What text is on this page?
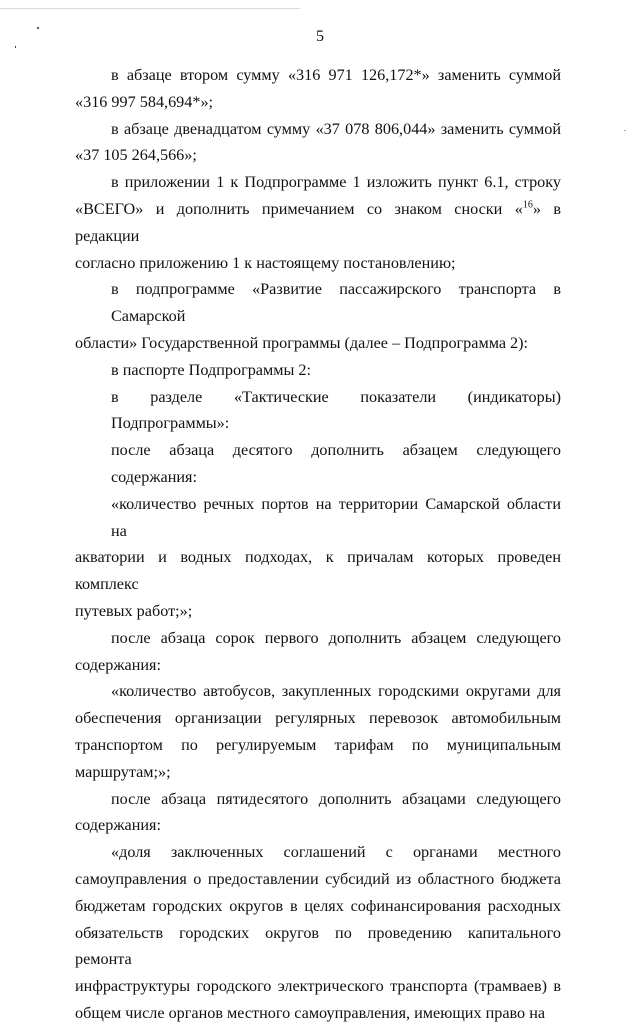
5

в абзаце втором сумму «316 971 126,172*» заменить суммой
«316 997 584,694*»;

в абзаце двенадцатом сумму «37 078 806,044» заменить суммой
«37 105 264,566»;

в приложении 1 к Подпрограмме 1 изложить пункт 6.1, строку
«ВСЕГО» и дополнить примечанием со знаком сноски «$^{16}$» в редакции
согласно приложению 1 к настоящему постановлению;

в подпрограмме «Развитие пассажирского транспорта в Самарской
области» Государственной программы (далее – Подпрограмма 2):

в паспорте Подпрограммы 2:

в разделе «Тактические показатели (индикаторы) Подпрограммы»:

после абзаца десятого дополнить абзацем следующего содержания:

«количество речных портов на территории Самарской области на
акватории и водных подходах, к причалам которых проведен комплекс
путевых работ;»;

после абзаца сорок первого дополнить абзацем следующего
содержания:

«количество автобусов, закупленных городскими округами для
обеспечения организации регулярных перевозок автомобильным
транспортом по регулируемым тарифам по муниципальным маршрутам;»;

после абзаца пятидесятого дополнить абзацами следующего
содержания:

«доля заключенных соглашений с органами местного
самоуправления о предоставлении субсидий из областного бюджета
бюджетам городских округов в целях софинансирования расходных
обязательств городских округов по проведению капитального ремонта
инфраструктуры городского электрического транспорта (трамваев) в
общем числе органов местного самоуправления, имеющих право на
